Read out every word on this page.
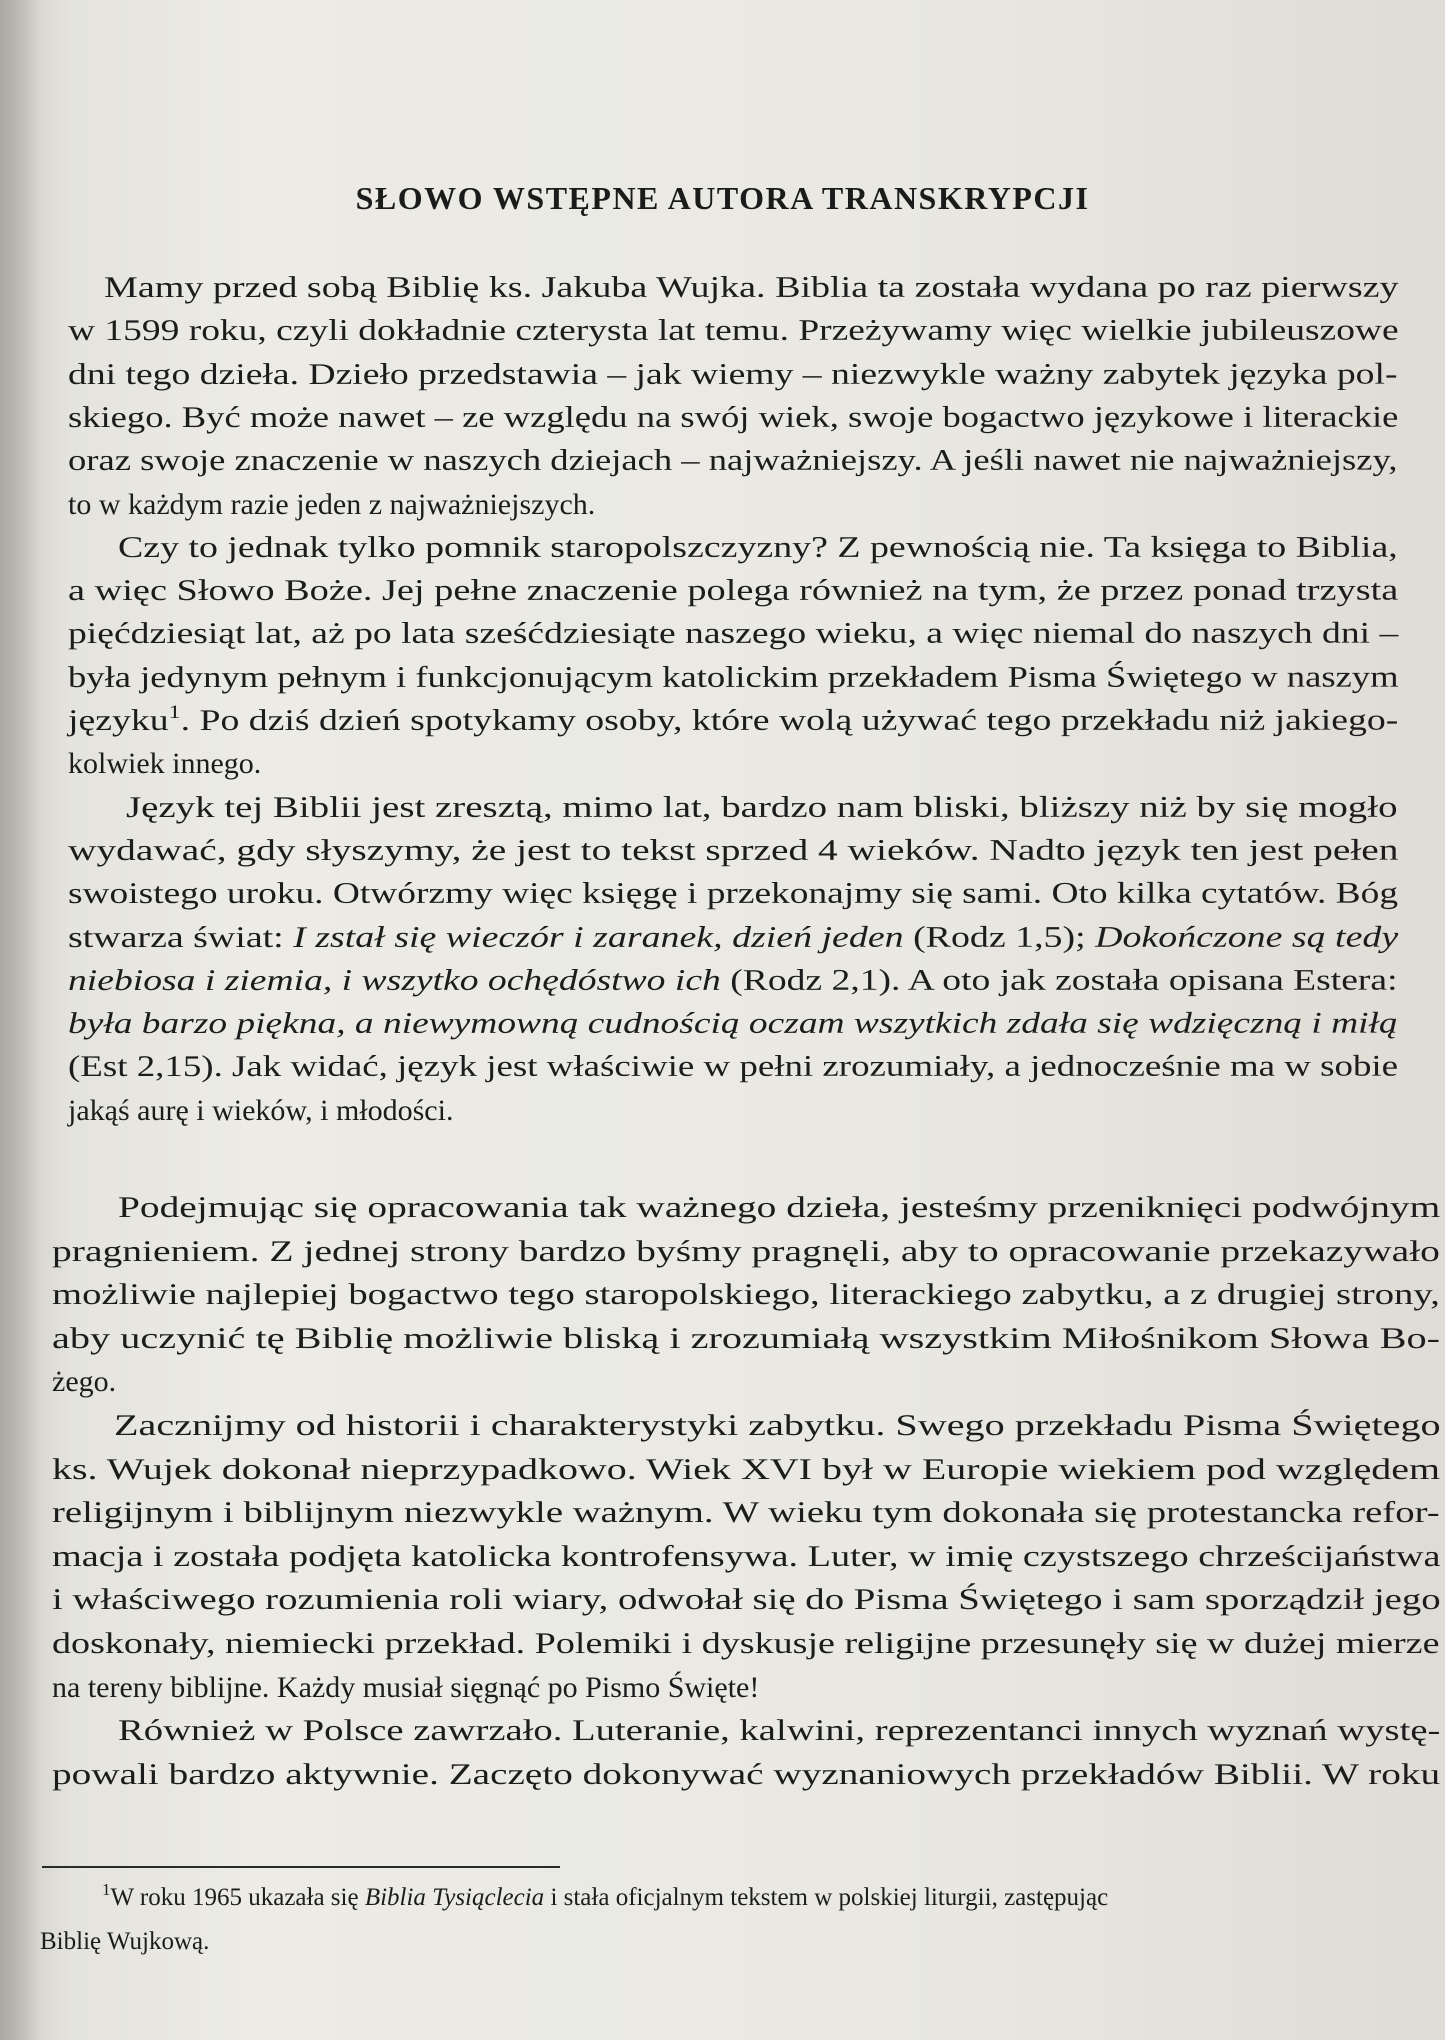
SŁOWO WSTĘPNE AUTORA TRANSKRYPCJI
Mamy przed sobą Biblię ks. Jakuba Wujka. Biblia ta została wydana po raz pierwszy
w 1599 roku, czyli dokładnie czterysta lat temu. Przeżywamy więc wielkie jubileuszowe
dni tego dzieła. Dzieło przedstawia – jak wiemy – niezwykle ważny zabytek języka pol-
skiego. Być może nawet – ze względu na swój wiek, swoje bogactwo językowe i literackie
oraz swoje znaczenie w naszych dziejach – najważniejszy. A jeśli nawet nie najważniejszy,
to w każdym razie jeden z najważniejszych.
Czy to jednak tylko pomnik staropolszczyzny? Z pewnością nie. Ta księga to Biblia,
a więc Słowo Boże. Jej pełne znaczenie polega również na tym, że przez ponad trzysta
pięćdziesiąt lat, aż po lata sześćdziesiąte naszego wieku, a więc niemal do naszych dni –
była jedynym pełnym i funkcjonującym katolickim przekładem Pisma Świętego w naszym
języku$^1$. Po dziś dzień spotykamy osoby, które wolą używać tego przekładu niż jakiego-
kolwiek innego.
Język tej Biblii jest zresztą, mimo lat, bardzo nam bliski, bliższy niż by się mogło
wydawać, gdy słyszymy, że jest to tekst sprzed 4 wieków. Nadto język ten jest pełen
swoistego uroku. Otwórzmy więc księgę i przekonajmy się sami. Oto kilka cytatów. Bóg
stwarza świat: I zstał się wieczór i zaranek, dzień jeden (Rodz 1,5); Dokończone są tedy
niebiosa i ziemia, i wszytko ochędóstwo ich (Rodz 2,1). A oto jak została opisana Estera:
była barzo piękna, a niewymowną cudnością oczam wszytkich zdała się wdzięczną i miłą
(Est 2,15). Jak widać, język jest właściwie w pełni zrozumiały, a jednocześnie ma w sobie
jakąś aurę i wieków, i młodości.
Podejmując się opracowania tak ważnego dzieła, jesteśmy przeniknięci podwójnym
pragnieniem. Z jednej strony bardzo byśmy pragnęli, aby to opracowanie przekazywało
możliwie najlepiej bogactwo tego staropolskiego, literackiego zabytku, a z drugiej strony,
aby uczynić tę Biblię możliwie bliską i zrozumiałą wszystkim Miłośnikom Słowa Bo-
żego.
Zacznijmy od historii i charakterystyki zabytku. Swego przekładu Pisma Świętego
ks. Wujek dokonał nieprzypadkowo. Wiek XVI był w Europie wiekiem pod względem
religijnym i biblijnym niezwykle ważnym. W wieku tym dokonała się protestancka refor-
macja i została podjęta katolicka kontrofensywa. Luter, w imię czystszego chrześcijaństwa
i właściwego rozumienia roli wiary, odwołał się do Pisma Świętego i sam sporządził jego
doskonały, niemiecki przekład. Polemiki i dyskusje religijne przesunęły się w dużej mierze
na tereny biblijne. Każdy musiał sięgnąć po Pismo Święte!
Również w Polsce zawrzało. Luteranie, kalwini, reprezentanci innych wyznań wystę-
powali bardzo aktywnie. Zaczęto dokonywać wyznaniowych przekładów Biblii. W roku
$^1$W roku 1965 ukazała się Biblia Tysiąclecia i stała oficjalnym tekstem w polskiej liturgii, zastępując
Biblię Wujkową.
